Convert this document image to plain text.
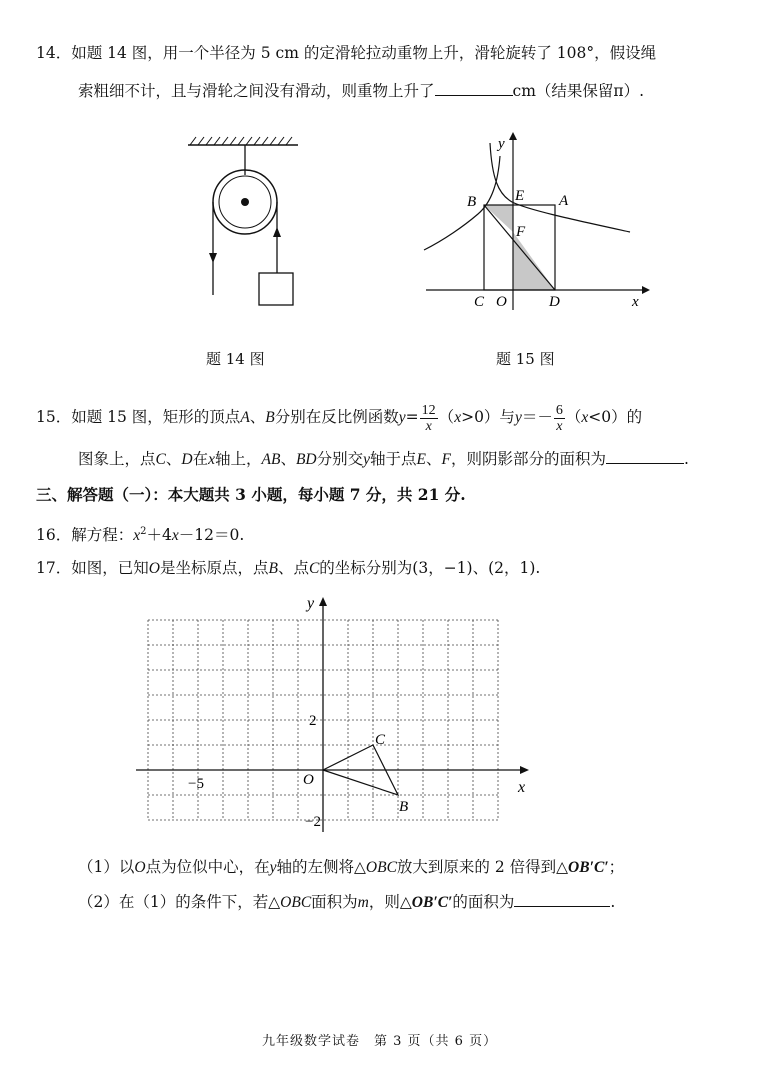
14．如题 14 图，用一个半径为 5 cm 的定滑轮拉动重物上升，滑轮旋转了 108°，假设绳
索粗细不计，且与滑轮之间没有滑动，则重物上升了	cm（结果保留π）.
题 14 图
y
x
B	E A
F
C O	D
题 15 图
15．如题 15 图，矩形的顶点A、B分别在反比例函数$y= \frac{12}{x} (x>0)$与$y=- \frac{6}{x} (x<0)$的
图象上，点C、D在x轴上，AB、BD分别交y轴于点E、F，则阴影部分的面积为	.
三、解答题（一）：本大题共 3 小题，每小题 7 分，共 21 分.
16．解方程：$x^2+4x-12=0$.
17．如图，已知O是坐标原点，点B、点C的坐标分别为(3，−1)、(2，1).
y
x
O
2
−5
−2
C
B
（1）以O点为位似中心，在y轴的左侧将△OBC放大到原来的 2 倍得到△OB′C′；
（2）在（1）的条件下，若△OBC面积为m，则△OB′C′的面积为	.
九年级数学试卷　第 3 页（共 6 页）
